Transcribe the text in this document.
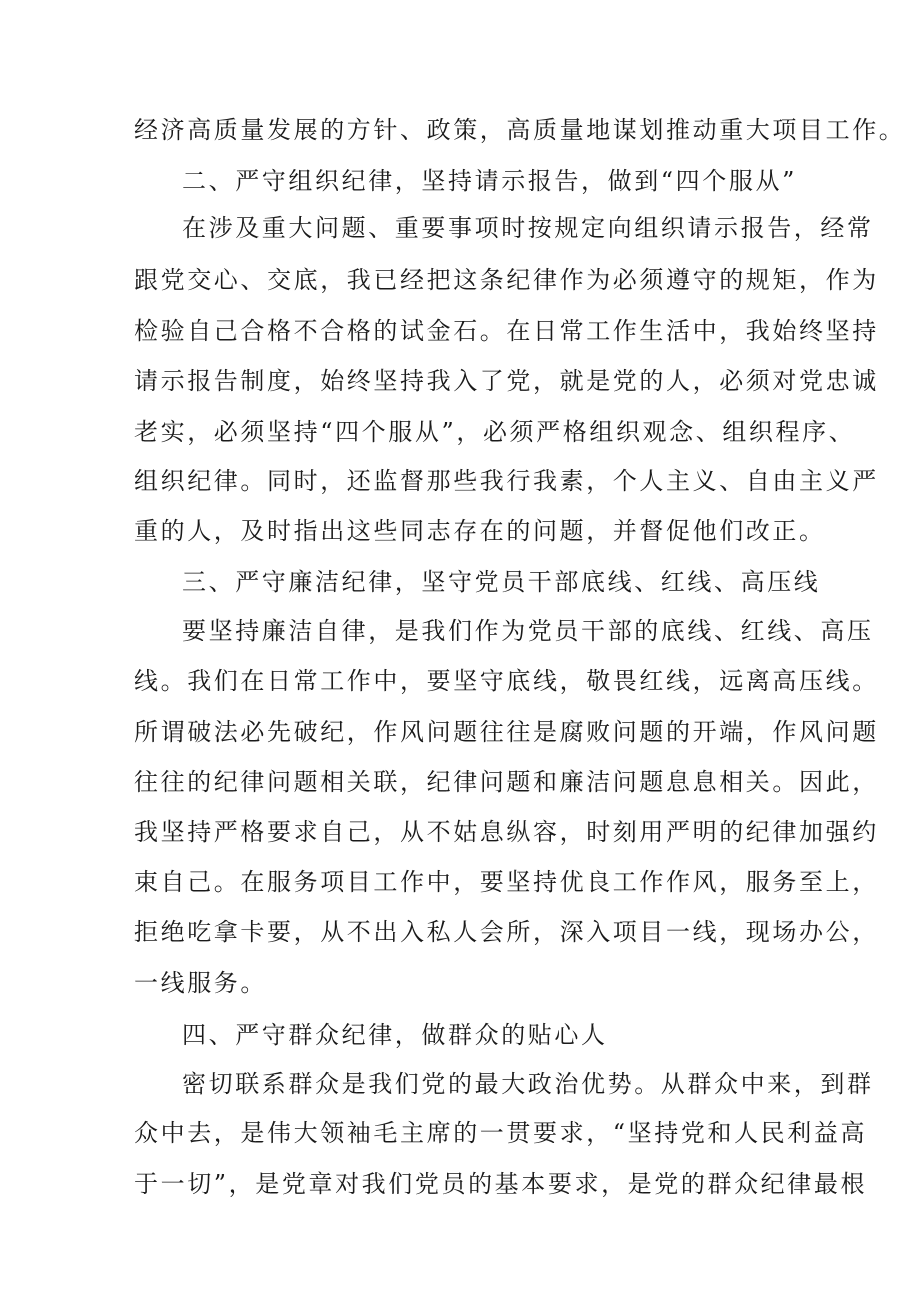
经济高质量发展的方针、政策，高质量地谋划推动重大项目工作。
二、严守组织纪律，坚持请示报告，做到“四个服从”
在涉及重大问题、重要事项时按规定向组织请示报告，经常
跟党交心、交底，我已经把这条纪律作为必须遵守的规矩，作为
检验自己合格不合格的试金石。在日常工作生活中，我始终坚持
请示报告制度，始终坚持我入了党，就是党的人，必须对党忠诚
老实，必须坚持“四个服从”，必须严格组织观念、组织程序、
组织纪律。同时，还监督那些我行我素，个人主义、自由主义严
重的人，及时指出这些同志存在的问题，并督促他们改正。
三、严守廉洁纪律，坚守党员干部底线、红线、高压线
要坚持廉洁自律，是我们作为党员干部的底线、红线、高压
线。我们在日常工作中，要坚守底线，敬畏红线，远离高压线。
所谓破法必先破纪，作风问题往往是腐败问题的开端，作风问题
往往的纪律问题相关联，纪律问题和廉洁问题息息相关。因此，
我坚持严格要求自己，从不姑息纵容，时刻用严明的纪律加强约
束自己。在服务项目工作中，要坚持优良工作作风，服务至上，
拒绝吃拿卡要，从不出入私人会所，深入项目一线，现场办公，
一线服务。
四、严守群众纪律，做群众的贴心人
密切联系群众是我们党的最大政治优势。从群众中来，到群
众中去，是伟大领袖毛主席的一贯要求，“坚持党和人民利益高
于一切”，是党章对我们党员的基本要求，是党的群众纪律最根
